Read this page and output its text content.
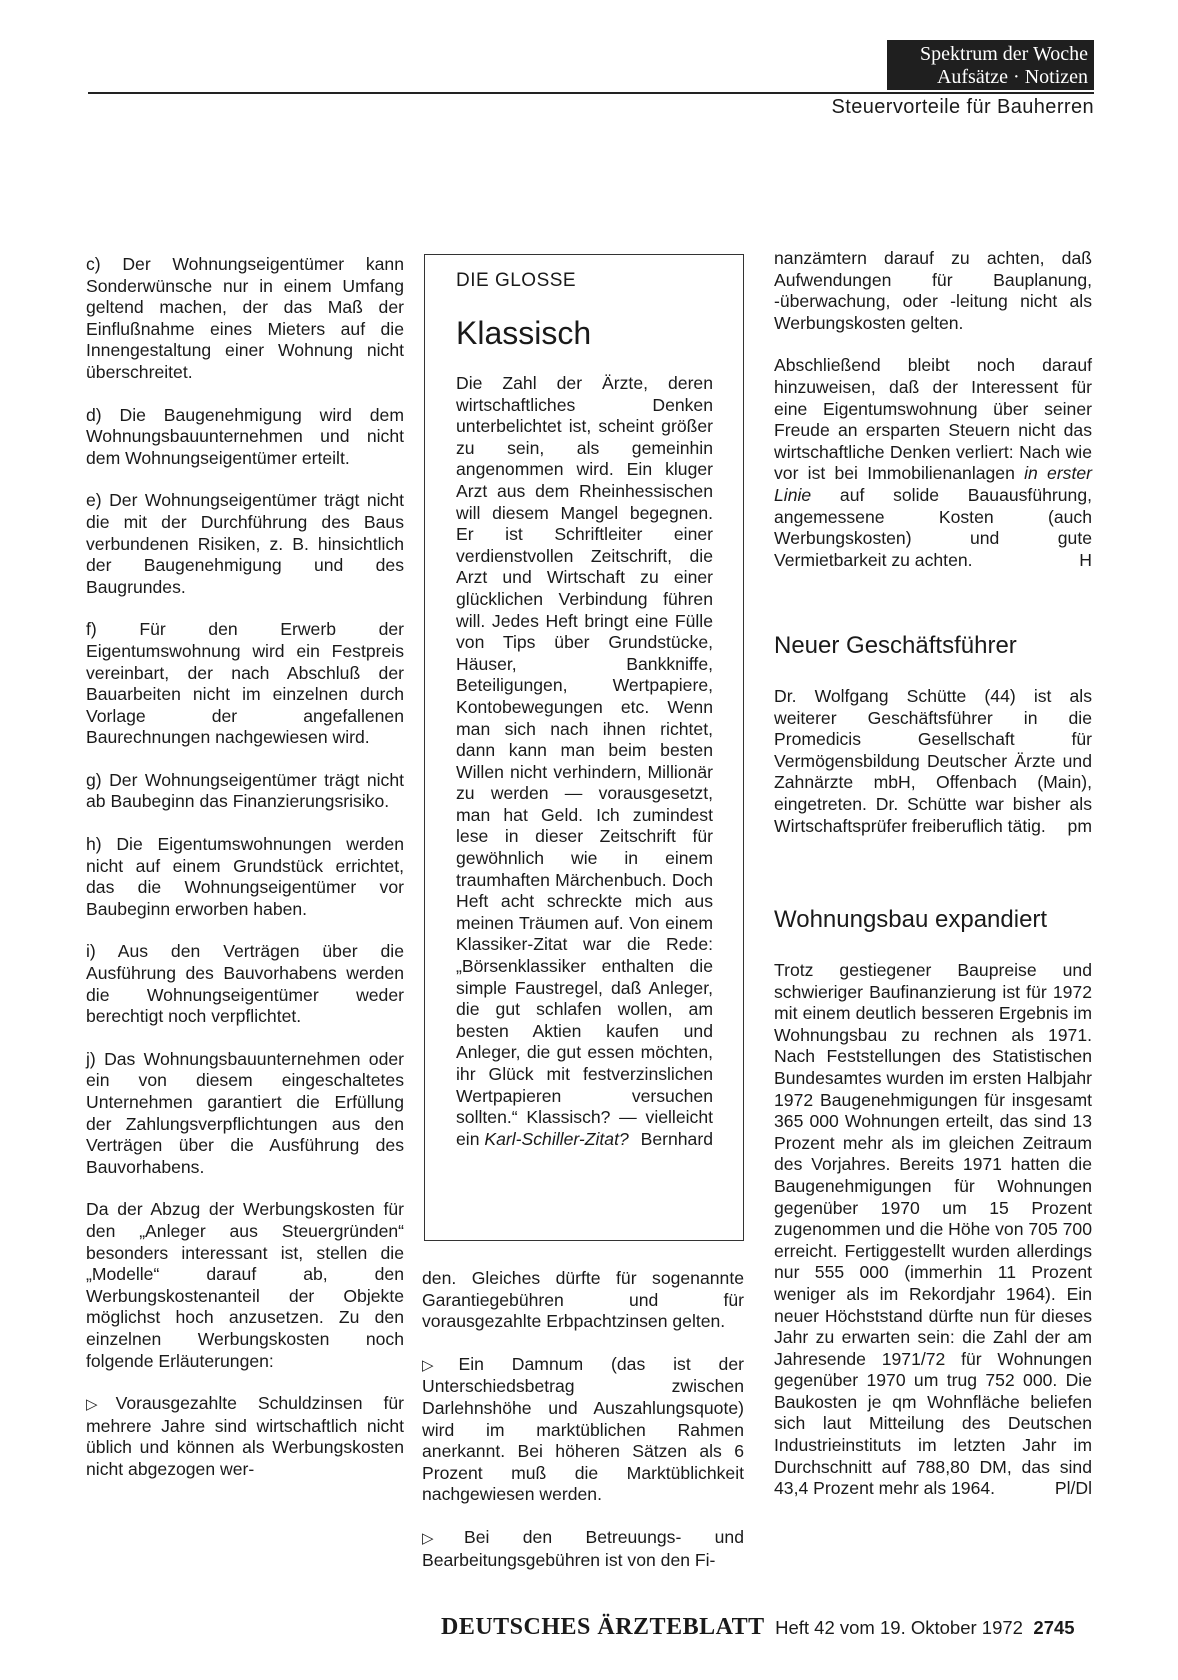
Spektrum der Woche
Aufsätze · Notizen
Steuervorteile für Bauherren

c) Der Wohnungseigentümer kann Sonderwünsche nur in einem Umfang geltend machen, der das Maß der Einflußnahme eines Mieters auf die Innengestaltung einer Wohnung nicht überschreitet.

d) Die Baugenehmigung wird dem Wohnungsbauunternehmen und nicht dem Wohnungseigentümer erteilt.

e) Der Wohnungseigentümer trägt nicht die mit der Durchführung des Baus verbundenen Risiken, z. B. hinsichtlich der Baugenehmigung und des Baugrundes.

f) Für den Erwerb der Eigentumswohnung wird ein Festpreis vereinbart, der nach Abschluß der Bauarbeiten nicht im einzelnen durch Vorlage der angefallenen Baurechnungen nachgewiesen wird.

g) Der Wohnungseigentümer trägt nicht ab Baubeginn das Finanzierungsrisiko.

h) Die Eigentumswohnungen werden nicht auf einem Grundstück errichtet, das die Wohnungseigentümer vor Baubeginn erworben haben.

i) Aus den Verträgen über die Ausführung des Bauvorhabens werden die Wohnungseigentümer weder berechtigt noch verpflichtet.

j) Das Wohnungsbauunternehmen oder ein von diesem eingeschaltetes Unternehmen garantiert die Erfüllung der Zahlungsverpflichtungen aus den Verträgen über die Ausführung des Bauvorhabens.

Da der Abzug der Werbungskosten für den „Anleger aus Steuergründen“ besonders interessant ist, stellen die „Modelle“ darauf ab, den Werbungskostenanteil der Objekte möglichst hoch anzusetzen. Zu den einzelnen Werbungskosten noch folgende Erläuterungen:

▷ Vorausgezahlte Schuldzinsen für mehrere Jahre sind wirtschaftlich nicht üblich und können als Werbungskosten nicht abgezogen wer-

DIE GLOSSE
Klassisch
Die Zahl der Ärzte, deren wirtschaftliches Denken unterbelichtet ist, scheint größer zu sein, als gemeinhin angenommen wird. Ein kluger Arzt aus dem Rheinhessischen will diesem Mangel begegnen. Er ist Schriftleiter einer verdienstvollen Zeitschrift, die Arzt und Wirtschaft zu einer glücklichen Verbindung führen will. Jedes Heft bringt eine Fülle von Tips über Grundstücke, Häuser, Bankkniffe, Beteiligungen, Wertpapiere, Kontobewegungen etc. Wenn man sich nach ihnen richtet, dann kann man beim besten Willen nicht verhindern, Millionär zu werden — vorausgesetzt, man hat Geld. Ich zumindest lese in dieser Zeitschrift für gewöhnlich wie in einem traumhaften Märchenbuch. Doch Heft acht schreckte mich aus meinen Träumen auf. Von einem Klassiker-Zitat war die Rede: „Börsenklassiker enthalten die simple Faustregel, daß Anleger, die gut schlafen wollen, am besten Aktien kaufen und Anleger, die gut essen möchten, ihr Glück mit festverzinslichen Wertpapieren versuchen sollten.“ Klassisch? — vielleicht ein Karl-Schiller-Zitat? Bernhard

den. Gleiches dürfte für sogenannte Garantiegebühren und für vorausgezahlte Erbpachtzinsen gelten.

▷ Ein Damnum (das ist der Unterschiedsbetrag zwischen Darlehnshöhe und Auszahlungsquote) wird im marktüblichen Rahmen anerkannt. Bei höheren Sätzen als 6 Prozent muß die Marktüblichkeit nachgewiesen werden.

▷ Bei den Betreuungs- und Bearbeitungsgebühren ist von den Fi-

nanzämtern darauf zu achten, daß Aufwendungen für Bauplanung, -überwachung, oder -leitung nicht als Werbungskosten gelten.

Abschließend bleibt noch darauf hinzuweisen, daß der Interessent für eine Eigentumswohnung über seiner Freude an ersparten Steuern nicht das wirtschaftliche Denken verliert: Nach wie vor ist bei Immobilienanlagen in erster Linie auf solide Bauausführung, angemessene Kosten (auch Werbungskosten) und gute Vermietbarkeit zu achten.	H

Neuer Geschäftsführer

Dr. Wolfgang Schütte (44) ist als weiterer Geschäftsführer in die Promedicis Gesellschaft für Vermögensbildung Deutscher Ärzte und Zahnärzte mbH, Offenbach (Main), eingetreten. Dr. Schütte war bisher als Wirtschaftsprüfer freiberuflich tätig. pm

Wohnungsbau expandiert

Trotz gestiegener Baupreise und schwieriger Baufinanzierung ist für 1972 mit einem deutlich besseren Ergebnis im Wohnungsbau zu rechnen als 1971. Nach Feststellungen des Statistischen Bundesamtes wurden im ersten Halbjahr 1972 Baugenehmigungen für insgesamt 365 000 Wohnungen erteilt, das sind 13 Prozent mehr als im gleichen Zeitraum des Vorjahres. Bereits 1971 hatten die Baugenehmigungen für Wohnungen gegenüber 1970 um 15 Prozent zugenommen und die Höhe von 705 700 erreicht. Fertiggestellt wurden allerdings nur 555 000 (immerhin 11 Prozent weniger als im Rekordjahr 1964). Ein neuer Höchststand dürfte nun für dieses Jahr zu erwarten sein: die Zahl der am Jahresende 1971/72 für Wohnungen gegenüber 1970 um trug 752 000. Die Baukosten je qm Wohnfläche beliefen sich laut Mitteilung des Deutschen Industrieinstituts im letzten Jahr im Durchschnitt auf 788,80 DM, das sind 43,4 Prozent mehr als 1964.	Pl/Dl

DEUTSCHES ÄRZTEBLATT Heft 42 vom 19. Oktober 1972 2745
